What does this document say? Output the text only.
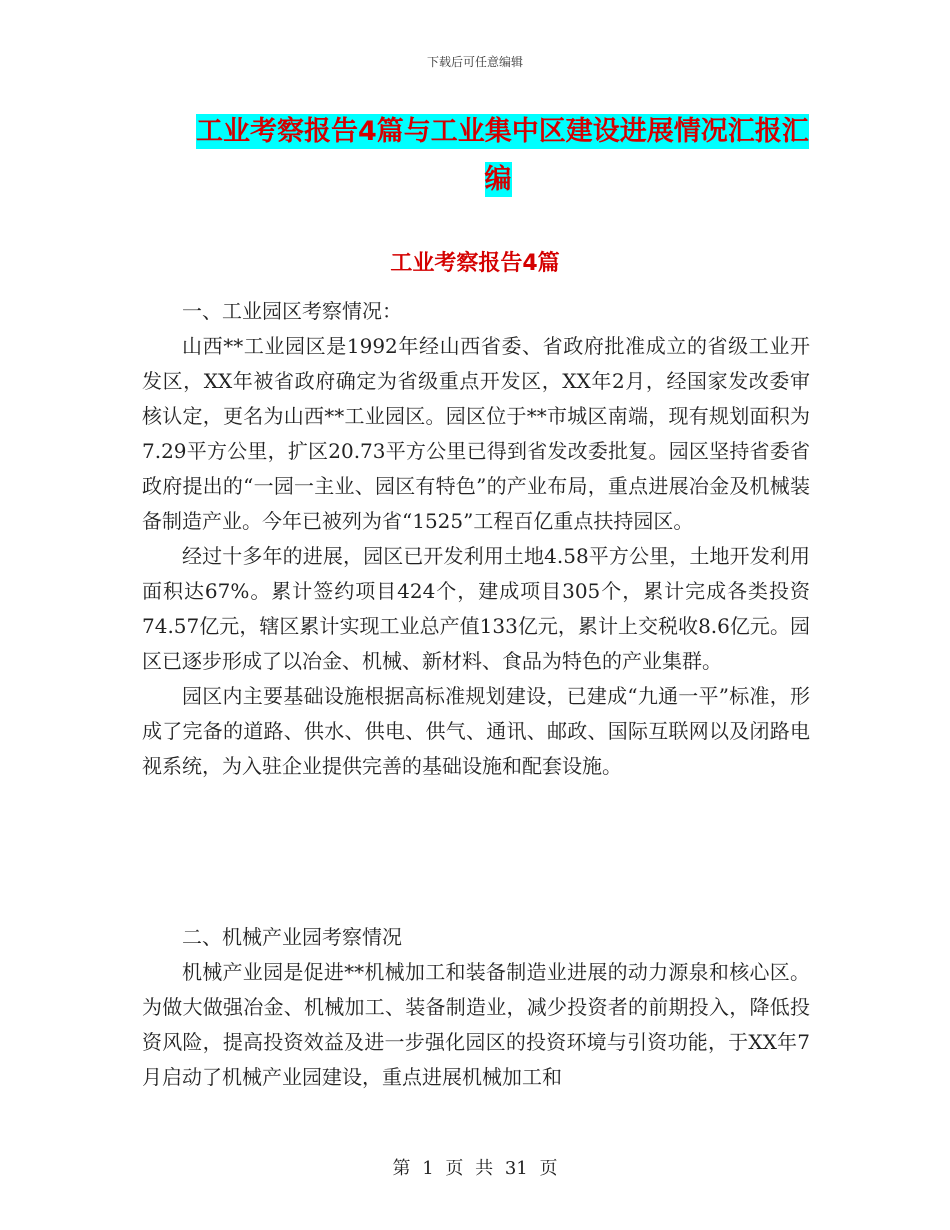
下载后可任意编辑
工业考察报告4篇与工业集中区建设进展情况汇报汇
编
工业考察报告4篇

一、工业园区考察情况：

山西**工业园区是1992年经山西省委、省政府批准成立的省级工业开发区，XX年被省政府确定为省级重点开发区，XX年2月，经国家发改委审核认定，更名为山西**工业园区。园区位于**市城区南端，现有规划面积为7.29平方公里，扩区20.73平方公里已得到省发改委批复。园区坚持省委省政府提出的“一园一主业、园区有特色”的产业布局，重点进展冶金及机械装备制造产业。今年已被列为省“1525”工程百亿重点扶持园区。

经过十多年的进展，园区已开发利用土地4.58平方公里，土地开发利用面积达67%。累计签约项目424个，建成项目305个，累计完成各类投资74.57亿元，辖区累计实现工业总产值133亿元，累计上交税收8.6亿元。园区已逐步形成了以冶金、机械、新材料、食品为特色的产业集群。

园区内主要基础设施根据高标准规划建设，已建成“九通一平”标准，形成了完备的道路、供水、供电、供气、通讯、邮政、国际互联网以及闭路电视系统，为入驻企业提供完善的基础设施和配套设施。

二、机械产业园考察情况

机械产业园是促进**机械加工和装备制造业进展的动力源泉和核心区。为做大做强冶金、机械加工、装备制造业，减少投资者的前期投入，降低投资风险，提高投资效益及进一步强化园区的投资环境与引资功能，于XX年7月启动了机械产业园建设，重点进展机械加工和

第 1 页 共 31 页
